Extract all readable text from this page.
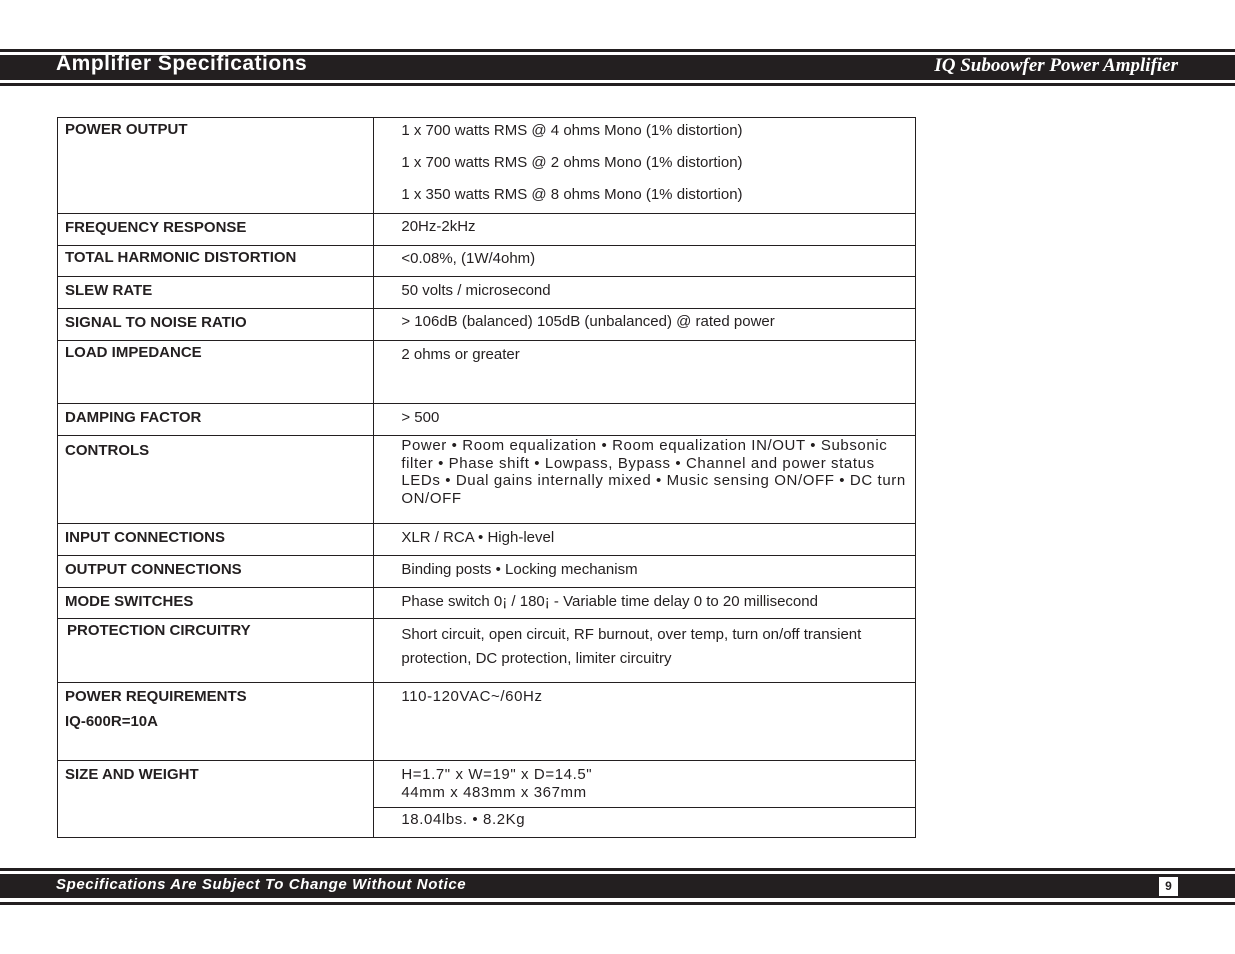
Amplifier Specifications	IQ Suboowfer Power Amplifier
POWER OUTPUT	1 x 700 watts RMS @ 4 ohms Mono (1% distortion)
1 x 700 watts RMS @ 2 ohms Mono (1% distortion)
1 x 350 watts RMS @ 8 ohms Mono (1% distortion)

FREQUENCY RESPONSE	20Hz-2kHz

TOTAL HARMONIC DISTORTION	<0.08%, (1W/4ohm)

SLEW RATE	50 volts / microsecond

SIGNAL TO NOISE RATIO	> 106dB (balanced) 105dB (unbalanced) @ rated power

LOAD IMPEDANCE	2 ohms or greater

DAMPING FACTOR	> 500

CONTROLS	Power • Room equalization • Room equalization IN/OUT • Subsonic filter • Phase shift • Lowpass, Bypass • Channel and power status LEDs • Dual gains internally mixed • Music sensing ON/OFF • DC turn ON/OFF

INPUT CONNECTIONS	XLR / RCA • High-level

OUTPUT CONNECTIONS	Binding posts • Locking mechanism

MODE SWITCHES	Phase switch 0¡ / 180¡ - Variable time delay 0 to 20 millisecond

PROTECTION CIRCUITRY	Short circuit, open circuit, RF burnout, over temp, turn on/off transient
protection, DC protection, limiter circuitry

POWER REQUIREMENTS
IQ-600R=10A	110-120VAC~/60Hz

SIZE AND WEIGHT	H=1.7" x W=19" x D=14.5"
44mm x 483mm x 367mm

	18.04lbs. • 8.2Kg
Specifications Are Subject To Change Without Notice	9
